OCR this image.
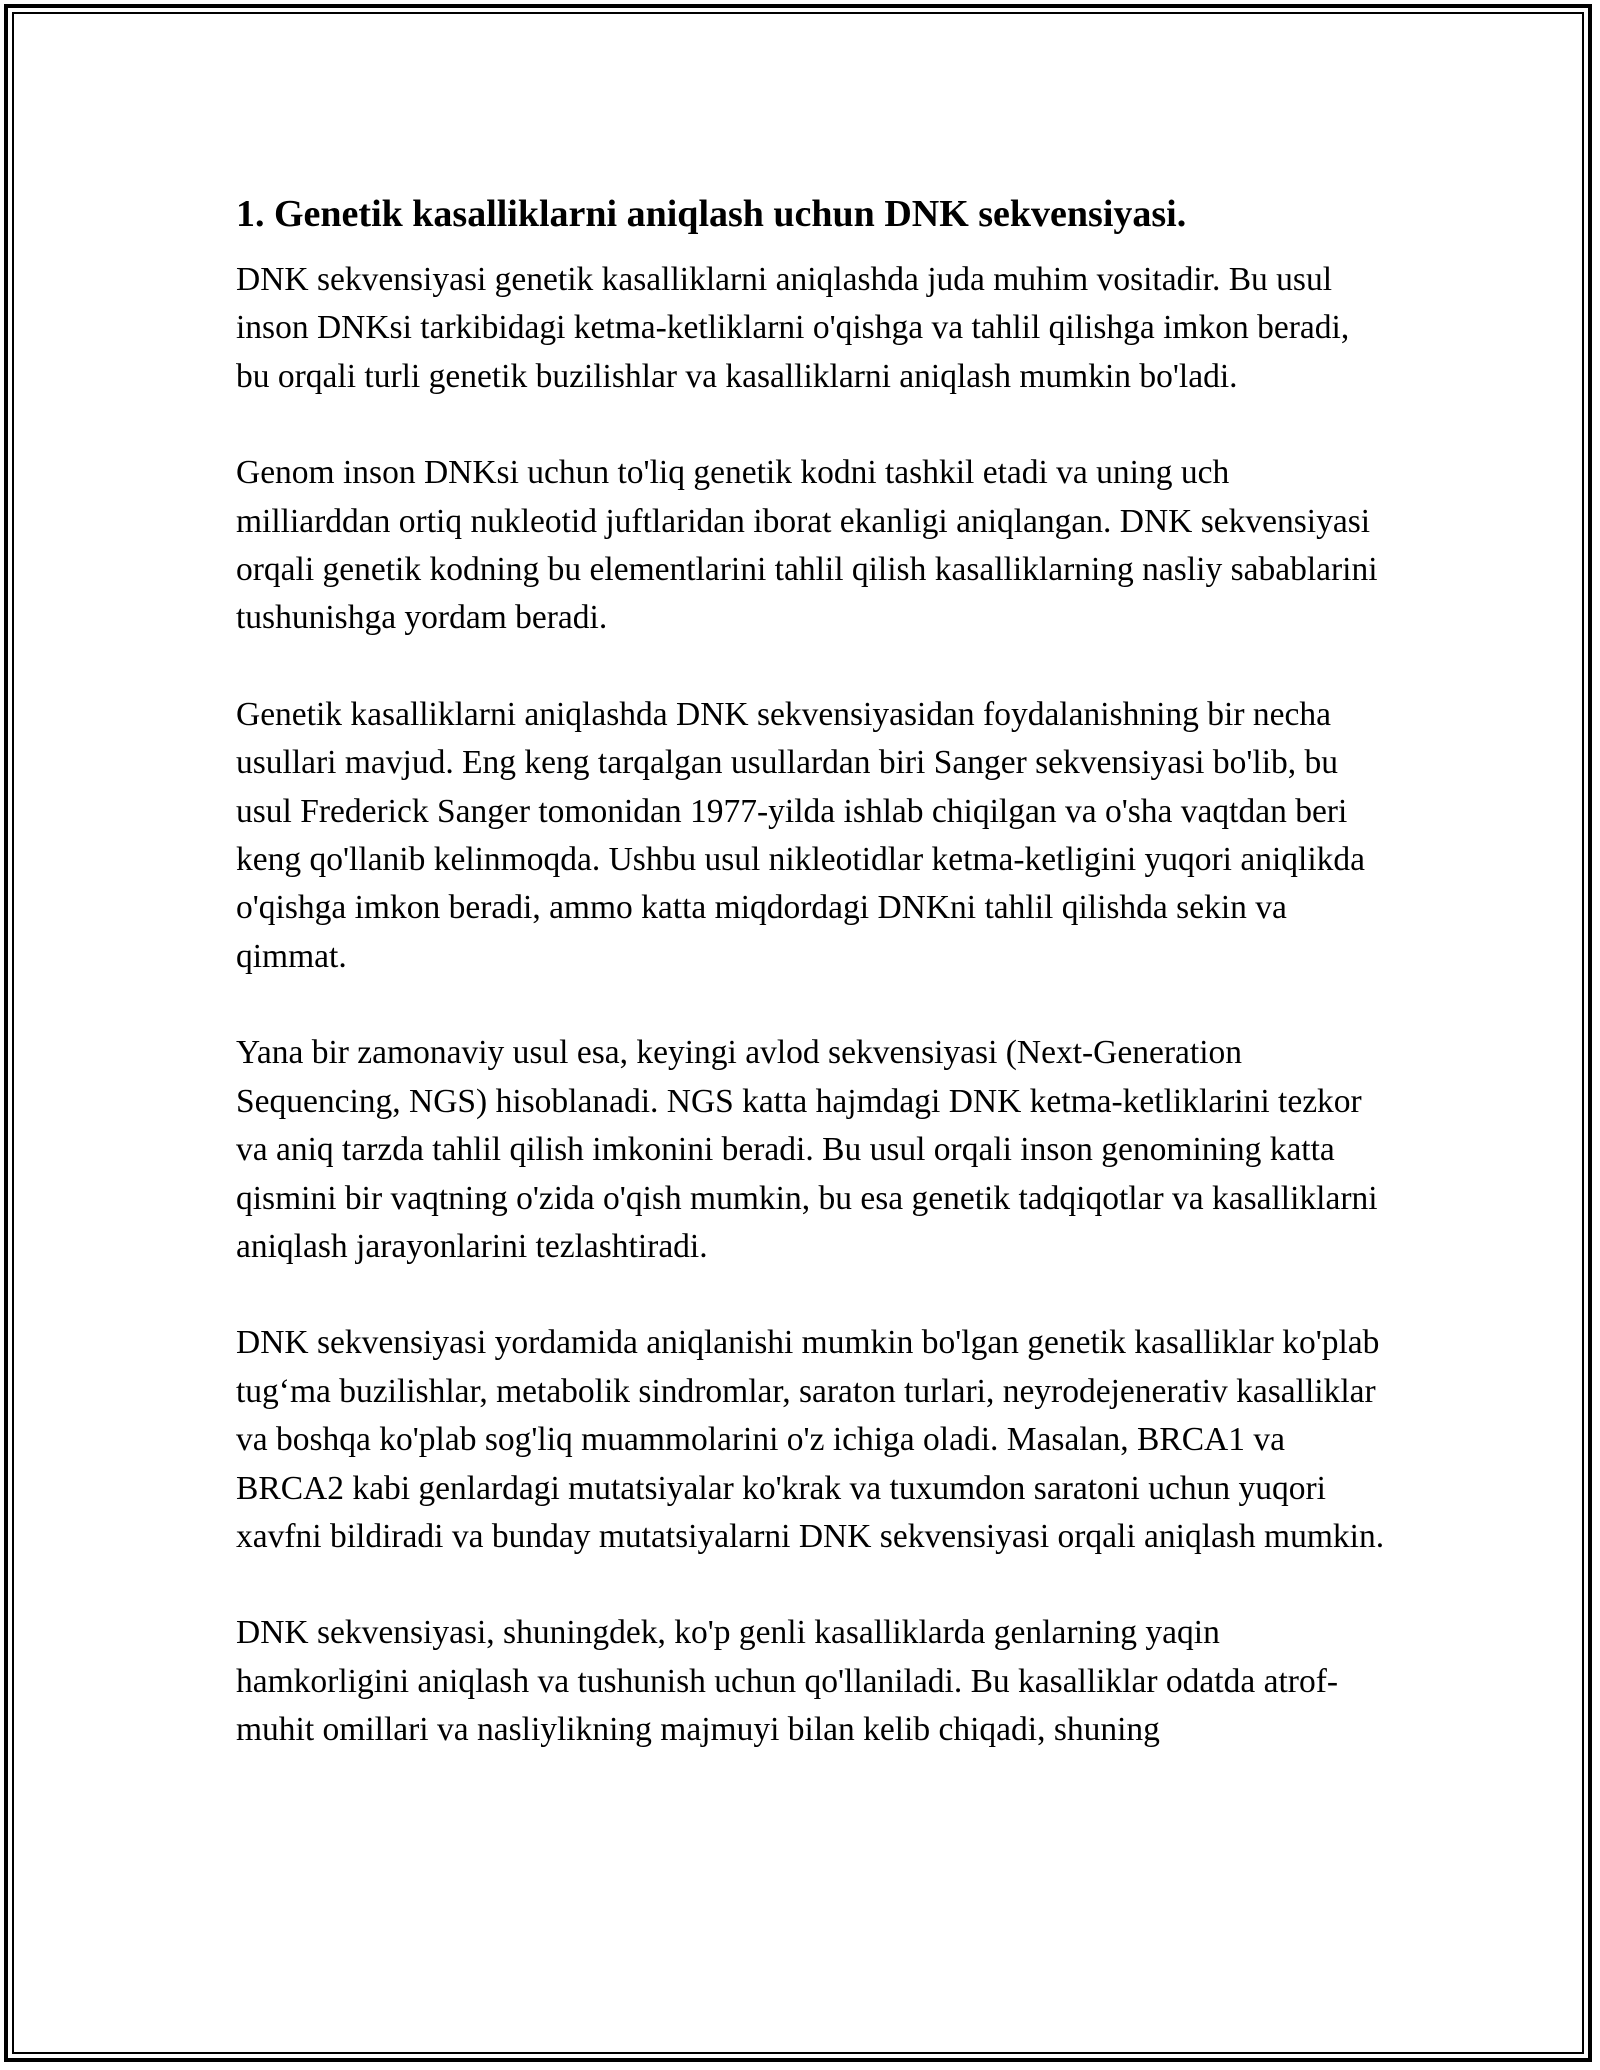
1. Genetik kasalliklarni aniqlash uchun DNK sekvensiyasi.

DNK sekvensiyasi genetik kasalliklarni aniqlashda juda muhim vositadir. Bu usul inson DNKsi tarkibidagi ketma-ketliklarni o'qishga va tahlil qilishga imkon beradi, bu orqali turli genetik buzilishlar va kasalliklarni aniqlash mumkin bo'ladi.

Genom inson DNKsi uchun to'liq genetik kodni tashkil etadi va uning uch milliarddan ortiq nukleotid juftlaridan iborat ekanligi aniqlangan. DNK sekvensiyasi orqali genetik kodning bu elementlarini tahlil qilish kasalliklarning nasliy sabablarini tushunishga yordam beradi.

Genetik kasalliklarni aniqlashda DNK sekvensiyasidan foydalanishning bir necha usullari mavjud. Eng keng tarqalgan usullardan biri Sanger sekvensiyasi bo'lib, bu usul Frederick Sanger tomonidan 1977-yilda ishlab chiqilgan va o'sha vaqtdan beri keng qo'llanib kelinmoqda. Ushbu usul nikleotidlar ketma-ketligini yuqori aniqlikda o'qishga imkon beradi, ammo katta miqdordagi DNKni tahlil qilishda sekin va qimmat.

Yana bir zamonaviy usul esa, keyingi avlod sekvensiyasi (Next-Generation Sequencing, NGS) hisoblanadi. NGS katta hajmdagi DNK ketma-ketliklarini tezkor va aniq tarzda tahlil qilish imkonini beradi. Bu usul orqali inson genomining katta qismini bir vaqtning o'zida o'qish mumkin, bu esa genetik tadqiqotlar va kasalliklarni aniqlash jarayonlarini tezlashtiradi.

DNK sekvensiyasi yordamida aniqlanishi mumkin bo'lgan genetik kasalliklar ko'plab tug‘ma buzilishlar, metabolik sindromlar, saraton turlari, neyrodejenerativ kasalliklar va boshqa ko'plab sog'liq muammolarini o'z ichiga oladi. Masalan, BRCA1 va BRCA2 kabi genlardagi mutatsiyalar ko'krak va tuxumdon saratoni uchun yuqori xavfni bildiradi va bunday mutatsiyalarni DNK sekvensiyasi orqali aniqlash mumkin.

DNK sekvensiyasi, shuningdek, ko'p genli kasalliklarda genlarning yaqin hamkorligini aniqlash va tushunish uchun qo'llaniladi. Bu kasalliklar odatda atrof-muhit omillari va nasliylikning majmuyi bilan kelib chiqadi, shuning
